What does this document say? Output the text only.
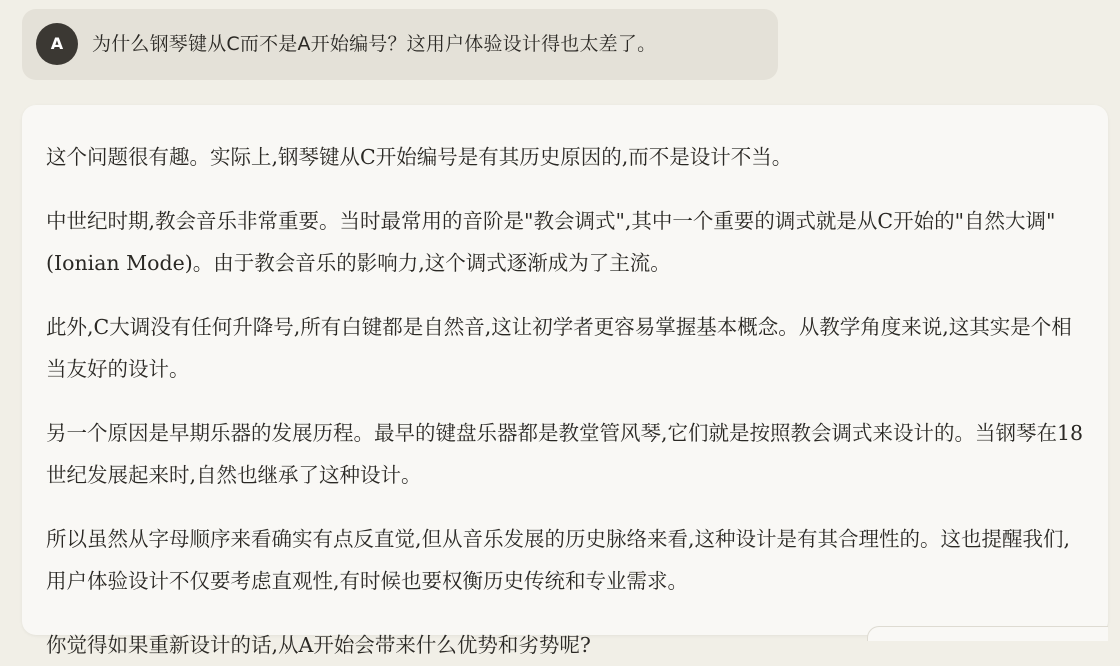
A	为什么钢琴键从C而不是A开始编号？这用户体验设计得也太差了。

这个问题很有趣。实际上,钢琴键从C开始编号是有其历史原因的,而不是设计不当。

中世纪时期,教会音乐非常重要。当时最常用的音阶是"教会调式",其中一个重要的调式就是从C开始的"自然大调"(Ionian Mode)。由于教会音乐的影响力,这个调式逐渐成为了主流。

此外,C大调没有任何升降号,所有白键都是自然音,这让初学者更容易掌握基本概念。从教学角度来说,这其实是个相当友好的设计。

另一个原因是早期乐器的发展历程。最早的键盘乐器都是教堂管风琴,它们就是按照教会调式来设计的。当钢琴在18世纪发展起来时,自然也继承了这种设计。

所以虽然从字母顺序来看确实有点反直觉,但从音乐发展的历史脉络来看,这种设计是有其合理性的。这也提醒我们,用户体验设计不仅要考虑直观性,有时候也要权衡历史传统和专业需求。

你觉得如果重新设计的话,从A开始会带来什么优势和劣势呢?
